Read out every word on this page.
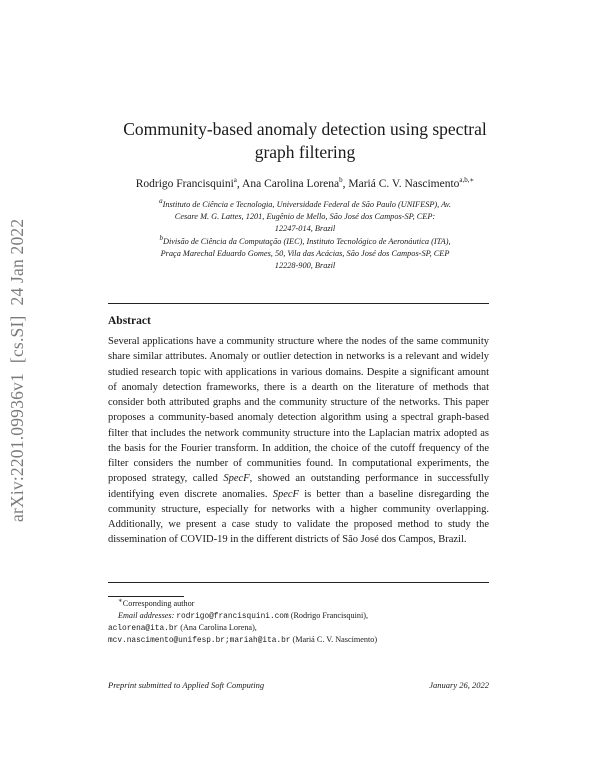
arXiv:2201.09936v1[cs.SI]24 Jan 2022
Community-based anomaly detection using spectral
graph filtering
Rodrigo Francisquini$^a$, Ana Carolina Lorena$^b$, Mariá C. V. Nascimento$^{a,b,∗}$
$^a$Instituto de Ciência e Tecnologia, Universidade Federal de São Paulo (UNIFESP), Av.
Cesare M. G. Lattes, 1201, Eugênio de Mello, São José dos Campos-SP, CEP:
12247-014, Brazil
$^b$Divisão de Ciência da Computação (IEC), Instituto Tecnológico de Aeronáutica (ITA),
Praça Marechal Eduardo Gomes, 50, Vila das Acácias, São José dos Campos-SP, CEP
12228-900, Brazil
Abstract
Several applications have a community structure where the nodes of the same community share similar attributes. Anomaly or outlier detection in networks is a relevant and widely studied research topic with applications in various domains. Despite a significant amount of anomaly detection frameworks, there is a dearth on the literature of methods that consider both attributed graphs and the community structure of the networks. This paper proposes a community-based anomaly detection algorithm using a spectral graph-based filter that includes the network community structure into the Laplacian matrix adopted as the basis for the Fourier transform. In addition, the choice of the cutoff frequency of the filter considers the number of communities found. In computational experiments, the proposed strategy, called SpecF, showed an outstanding performance in successfully identifying even discrete anomalies. SpecF is better than a baseline disregarding the community structure, especially for networks with a higher community overlapping. Additionally, we present a case study to validate the proposed method to study the dissemination of COVID-19 in the different districts of São José dos Campos, Brazil.
∗Corresponding author
Email addresses: rodrigo@francisquini.com (Rodrigo Francisquini),
aclorena@ita.br (Ana Carolina Lorena),
mcv.nascimento@unifesp.br;mariah@ita.br (Mariá C. V. Nascimento)
Preprint submitted to Applied Soft Computing	January 26, 2022
